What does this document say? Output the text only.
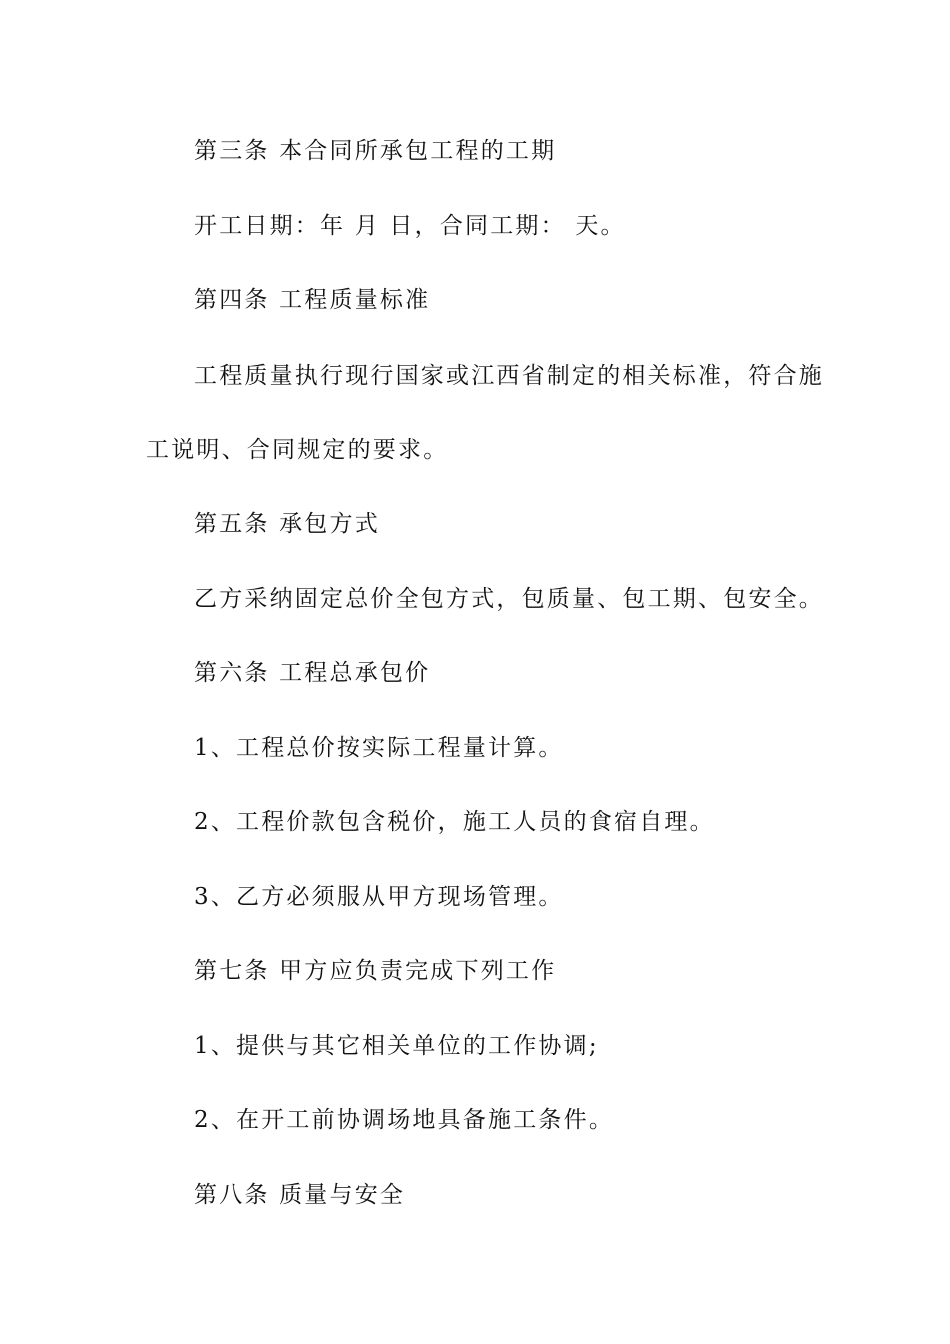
第三条 本合同所承包工程的工期
开工日期：年 月 日，合同工期： 天。
第四条 工程质量标准
工程质量执行现行国家或江西省制定的相关标准，符合施
工说明、合同规定的要求。
第五条 承包方式
乙方采纳固定总价全包方式，包质量、包工期、包安全。
第六条 工程总承包价
1、工程总价按实际工程量计算。
2、工程价款包含税价，施工人员的食宿自理。
3、乙方必须服从甲方现场管理。
第七条 甲方应负责完成下列工作
1、提供与其它相关单位的工作协调;
2、在开工前协调场地具备施工条件。
第八条 质量与安全
